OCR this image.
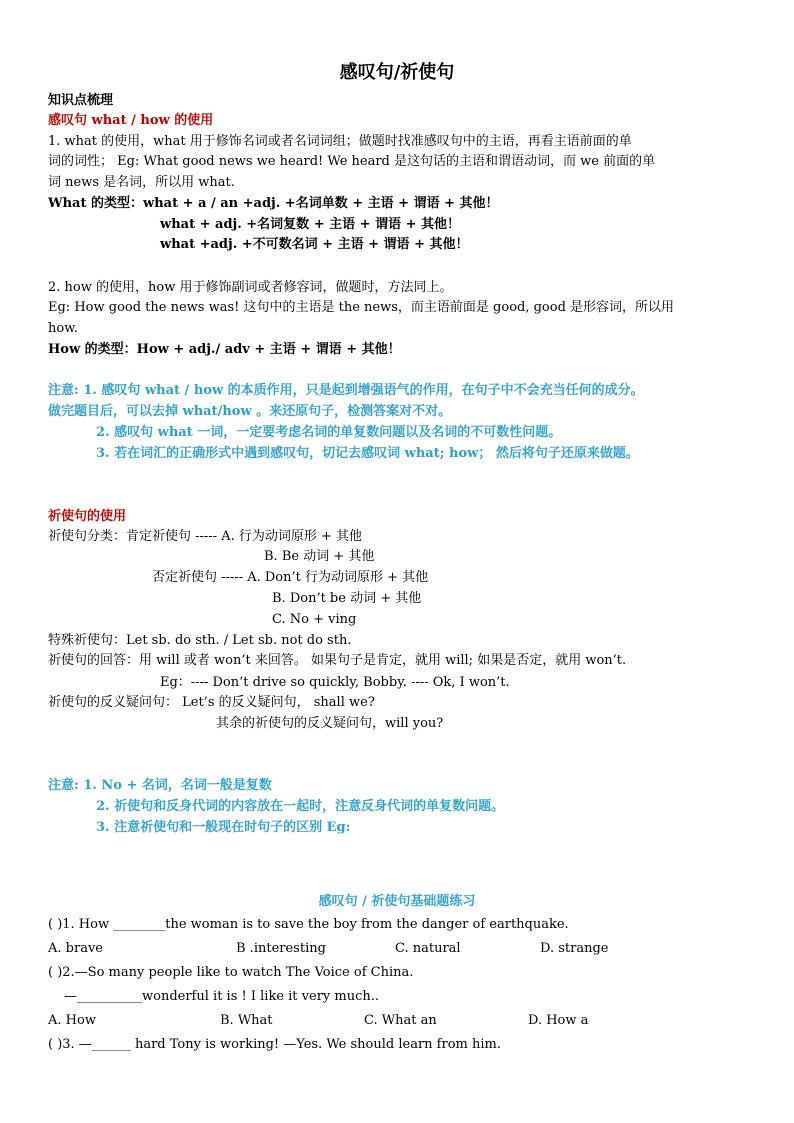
感叹句/祈使句
知识点梳理
感叹句 what / how 的使用
1. what 的使用，what 用于修饰名词或者名词词组；做题时找准感叹句中的主语，再看主语前面的单
词的词性； Eg: What good news we heard! We heard 是这句话的主语和谓语动词，而 we 前面的单
词 news 是名词，所以用 what.
What 的类型：what + a / an +adj. +名词单数 + 主语 + 谓语 + 其他！
what + adj. +名词复数 + 主语 + 谓语 + 其他！
what +adj. +不可数名词 + 主语 + 谓语 + 其他！
2. how 的使用，how 用于修饰副词或者修容词，做题时，方法同上。
Eg: How good the news was! 这句中的主语是 the news，而主语前面是 good, good 是形容词，所以用
how.
How 的类型：How + adj./ adv + 主语 + 谓语 + 其他！
注意: 1. 感叹句 what / how 的本质作用，只是起到增强语气的作用，在句子中不会充当任何的成分。
做完题目后，可以去掉 what/how 。来还原句子，检测答案对不对。
2. 感叹句 what 一词，一定要考虑名词的单复数问题以及名词的不可数性问题。
3. 若在词汇的正确形式中遇到感叹句，切记去感叹词 what; how； 然后将句子还原来做题。
祈使句的使用
祈使句分类：肯定祈使句 ----- A. 行为动词原形 + 其他
B. Be 动词 + 其他
否定祈使句 ----- A. Don’t 行为动词原形 + 其他
B. Don’t be 动词 + 其他
C. No + ving
特殊祈使句：Let sb. do sth. / Let sb. not do sth.
祈使句的回答：用 will 或者 won’t 来回答。 如果句子是肯定，就用 will; 如果是否定，就用 won’t.
Eg：---- Don’t drive so quickly, Bobby. ---- Ok, I won’t.
祈使句的反义疑问句： Let’s 的反义疑问句， shall we?
其余的祈使句的反义疑问句，will you?
注意: 1. No + 名词，名词一般是复数
2. 祈使句和反身代词的内容放在一起时，注意反身代词的单复数问题。
3. 注意祈使句和一般现在时句子的区别 Eg:
感叹句 / 祈使句基础题练习
( )1. How ________the woman is to save the boy from the danger of earthquake.
A. brave	B .interesting	C. natural	D. strange
( )2.—So many people like to watch The Voice of China.
—__________wonderful it is ! I like it very much..
A. How	B. What	C. What an	D. How a
( )3. —______ hard Tony is working! —Yes. We should learn from him.
